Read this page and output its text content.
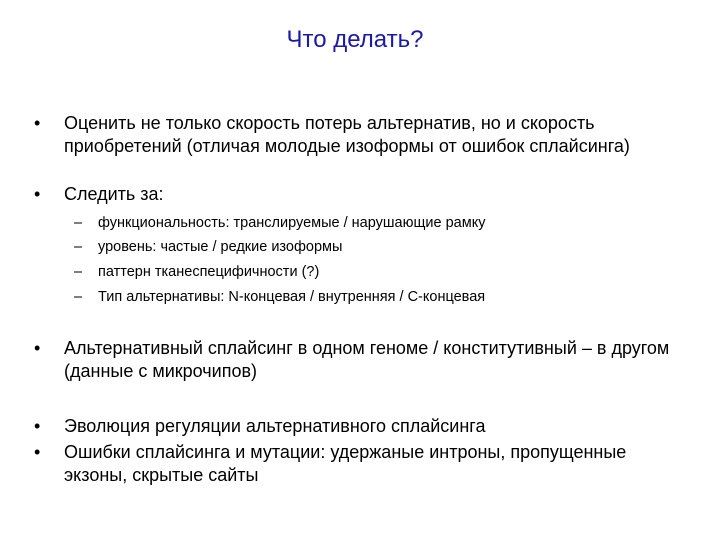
Что делать?
•	Оценить не только скорость потерь альтернатив, но и скорость приобретений (отличая молодые изоформы от ошибок сплайсинга)
•	Следить за:
– функциональность: транслируемые / нарушающие рамку
– уровень: частые / редкие изоформы
– паттерн тканеспецифичности (?)
– Тип альтернативы: N-концевая / внутренняя / С-концевая
•	Альтернативный сплайсинг в одном геноме / конститутивный – в другом (данные с микрочипов)
•	Эволюция регуляции альтернативного сплайсинга
•	Ошибки сплайсинга и мутации: удержаные интроны, пропущенные экзоны, скрытые сайты
